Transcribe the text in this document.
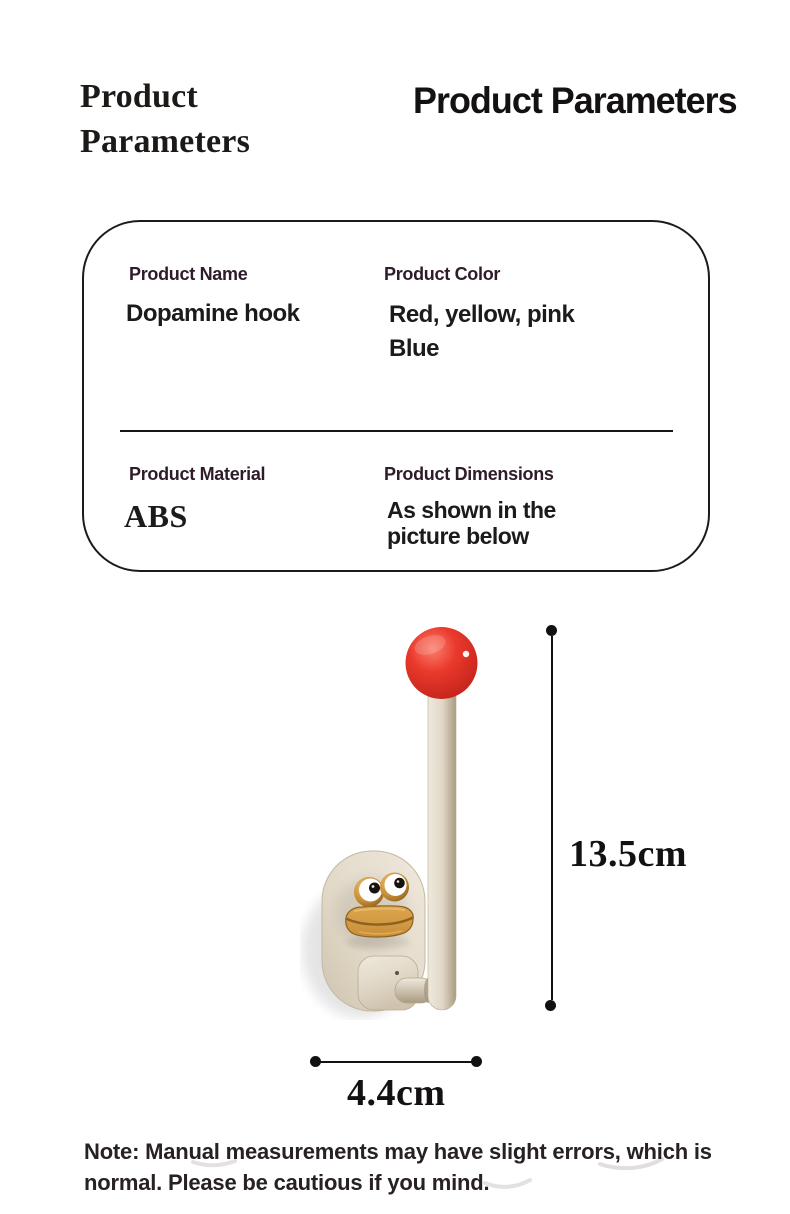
Product
Parameters
Product Parameters
Product Name
Dopamine hook
Product Color
Red, yellow, pink
Blue
Product Material
ABS
Product Dimensions
As shown in the
picture below
13.5cm
4.4cm
Note: Manual measurements may have slight errors, which is
normal. Please be cautious if you mind.
